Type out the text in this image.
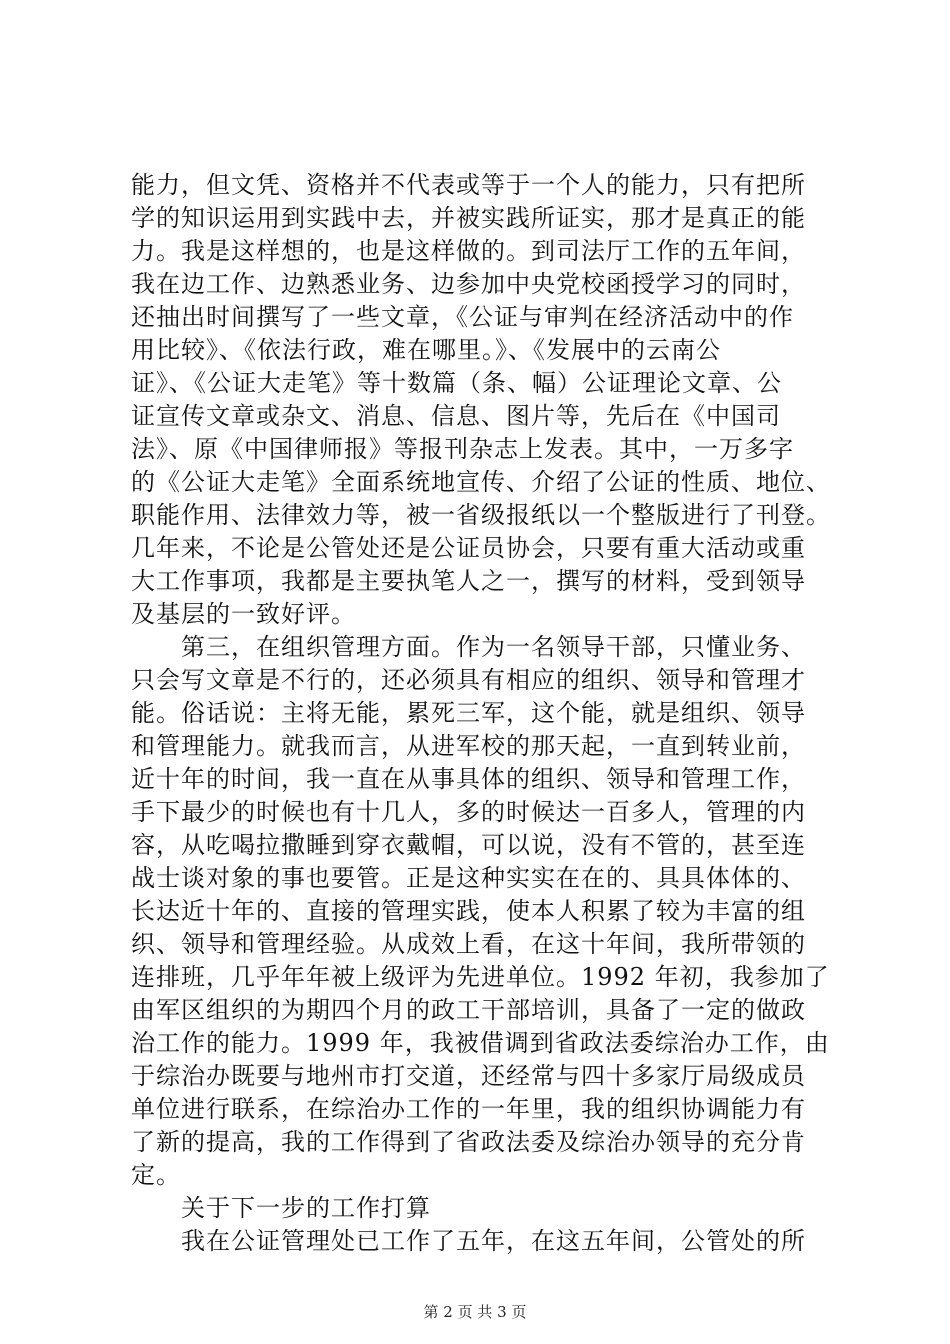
能力，但文凭、资格并不代表或等于一个人的能力，只有把所
学的知识运用到实践中去，并被实践所证实，那才是真正的能
力。我是这样想的，也是这样做的。到司法厅工作的五年间，
我在边工作、边熟悉业务、边参加中央党校函授学习的同时，
还抽出时间撰写了一些文章，《公证与审判在经济活动中的作
用比较》、《依法行政，难在哪里。》、《发展中的云南公
证》、《公证大走笔》等十数篇（条、幅）公证理论文章、公
证宣传文章或杂文、消息、信息、图片等，先后在《中国司
法》、原《中国律师报》等报刊杂志上发表。其中，一万多字
的《公证大走笔》全面系统地宣传、介绍了公证的性质、地位、
职能作用、法律效力等，被一省级报纸以一个整版进行了刊登。
几年来，不论是公管处还是公证员协会，只要有重大活动或重
大工作事项，我都是主要执笔人之一，撰写的材料，受到领导
及基层的一致好评。
　　第三，在组织管理方面。作为一名领导干部，只懂业务、
只会写文章是不行的，还必须具有相应的组织、领导和管理才
能。俗话说：主将无能，累死三军，这个能，就是组织、领导
和管理能力。就我而言，从进军校的那天起，一直到转业前，
近十年的时间，我一直在从事具体的组织、领导和管理工作，
手下最少的时候也有十几人，多的时候达一百多人，管理的内
容，从吃喝拉撒睡到穿衣戴帽，可以说，没有不管的，甚至连
战士谈对象的事也要管。正是这种实实在在的、具具体体的、
长达近十年的、直接的管理实践，使本人积累了较为丰富的组
织、领导和管理经验。从成效上看，在这十年间，我所带领的
连排班，几乎年年被上级评为先进单位。1992 年初，我参加了
由军区组织的为期四个月的政工干部培训，具备了一定的做政
治工作的能力。1999 年，我被借调到省政法委综治办工作，由
于综治办既要与地州市打交道，还经常与四十多家厅局级成员
单位进行联系，在综治办工作的一年里，我的组织协调能力有
了新的提高，我的工作得到了省政法委及综治办领导的充分肯
定。
　　关于下一步的工作打算
　　我在公证管理处已工作了五年，在这五年间，公管处的所
第 2 页 共 3 页
